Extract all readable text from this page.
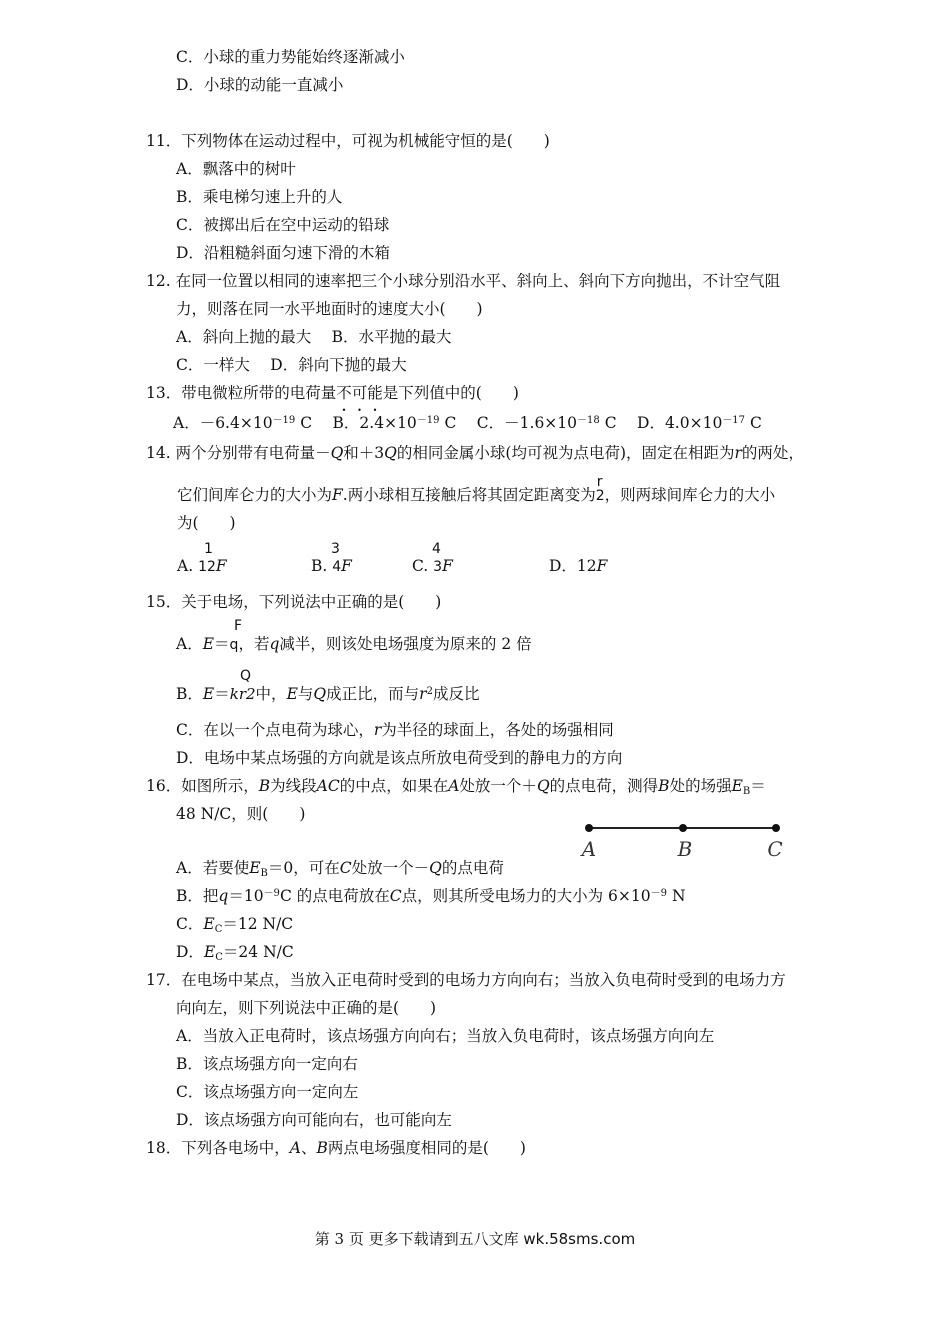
C．小球的重力势能始终逐渐减小
D．小球的动能一直减小
11．下列物体在运动过程中，可视为机械能守恒的是(　　)
A．飘落中的树叶
B．乘电梯匀速上升的人
C．被掷出后在空中运动的铅球
D．沿粗糙斜面匀速下滑的木箱
12. 在同一位置以相同的速率把三个小球分别沿水平、斜向上、斜向下方向抛出，不计空气阻
力，则落在同一水平地面时的速度大小(　　)
A．斜向上抛的最大　 B．水平抛的最大
C．一样大　 D．斜向下抛的最大
13．带电微粒所带的电荷量不可能是下列值中的(　　)
A．$-6.4\times 10^{-19}$ C　 B．$2.4\times 10^{-19}$ C　 C．$-1.6\times 10^{-18}$ C　 D．$4.0\times 10^{-17}$ C
14. 两个分别带有电荷量－Q和＋3Q的相同金属小球(均可视为点电荷)，固定在相距为r的两处，
它们间库仑力的大小为F.两小球相互接触后将其固定距离变为
r
2，则两球间库仑力的大小
为(　　)
1
A. 12F
3
B. 4F
4
C. 3F	D．12F
15．关于电场，下列说法中正确的是(　　)
F
A．E＝q，若q减半，则该处电场强度为原来的 2 倍
Q
B．E＝kr2中，E与Q成正比，而与$r^2$成反比
C．在以一个点电荷为球心，r为半径的球面上，各处的场强相同
D．电场中某点场强的方向就是该点所放电荷受到的静电力的方向
16．如图所示，B为线段AC的中点，如果在A处放一个＋Q的点电荷，测得B处的场强$E_B=$
48 N/C，则(　　)
A	B	C
A．若要使$E_B=0$，可在C处放一个－Q的点电荷
B．把$q=10^{-9}C$ 的点电荷放在C点，则其所受电场力的大小为 $6\times 10^{-9}$ N
C．$E_C=12$ N/C
D．$E_C=24$ N/C
17．在电场中某点，当放入正电荷时受到的电场力方向向右；当放入负电荷时受到的电场力方
向向左，则下列说法中正确的是(　　)
A．当放入正电荷时，该点场强方向向右；当放入负电荷时，该点场强方向向左
B．该点场强方向一定向右
C．该点场强方向一定向左
D．该点场强方向可能向右，也可能向左
18．下列各电场中，A、B两点电场强度相同的是(　　)
第 3 页 更多下载请到五八文库 wk.58sms.com
